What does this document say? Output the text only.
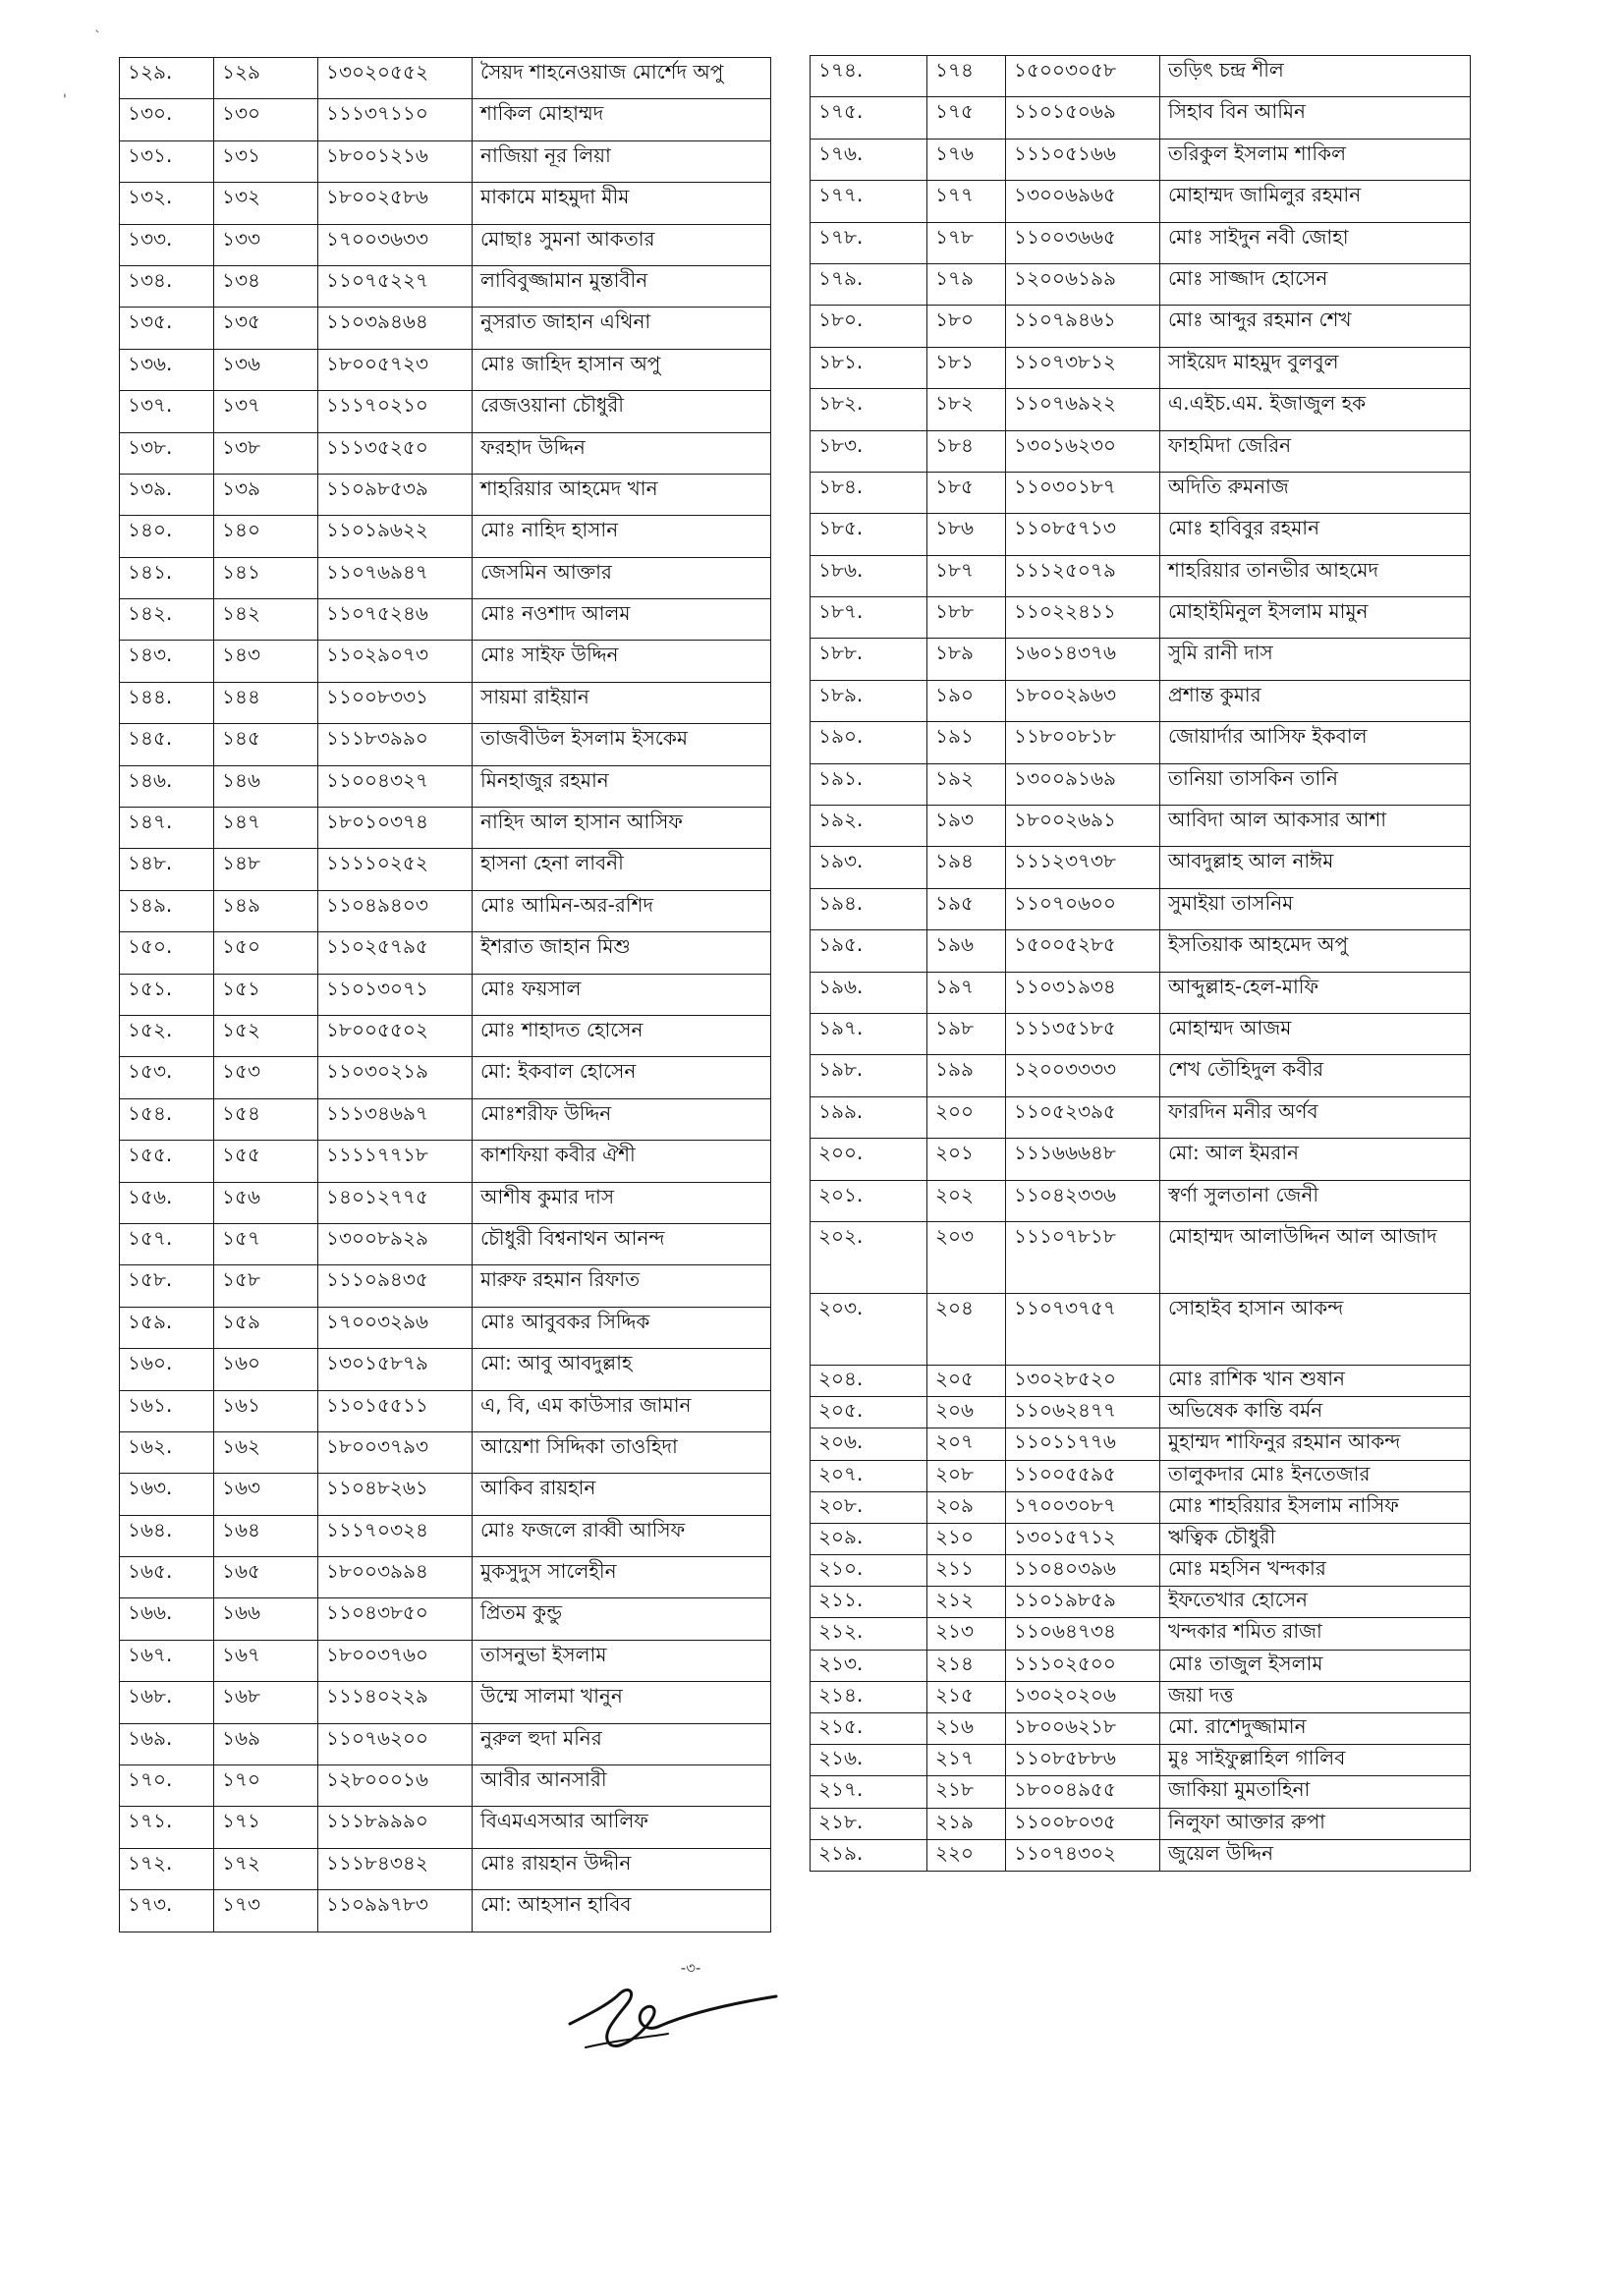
`
'
১২৯.	১২৯	১৩০২০৫৫২	সৈয়দ শাহনেওয়াজ মোর্শেদ অপু
১৩০.	১৩০	১১১৩৭১১০	শাকিল মোহাম্মদ
১৩১.	১৩১	১৮০০১২১৬	নাজিয়া নূর লিয়া
১৩২.	১৩২	১৮০০২৫৮৬	মাকামে মাহমুদা মীম
১৩৩.	১৩৩	১৭০০৩৬৩৩	মোছাঃ সুমনা আকতার
১৩৪.	১৩৪	১১০৭৫২২৭	লাবিবুজ্জামান মুন্তাবীন
১৩৫.	১৩৫	১১০৩৯৪৬৪	নুসরাত জাহান এথিনা
১৩৬.	১৩৬	১৮০০৫৭২৩	মোঃ জাহিদ হাসান অপু
১৩৭.	১৩৭	১১১৭০২১০	রেজওয়ানা চৌধুরী
১৩৮.	১৩৮	১১১৩৫২৫০	ফরহাদ উদ্দিন
১৩৯.	১৩৯	১১০৯৮৫৩৯	শাহরিয়ার আহমেদ খান
১৪০.	১৪০	১১০১৯৬২২	মোঃ নাহিদ হাসান
১৪১.	১৪১	১১০৭৬৯৪৭	জেসমিন আক্তার
১৪২.	১৪২	১১০৭৫২৪৬	মোঃ নওশাদ আলম
১৪৩.	১৪৩	১১০২৯০৭৩	মোঃ সাইফ উদ্দিন
১৪৪.	১৪৪	১১০০৮৩৩১	সায়মা রাইয়ান
১৪৫.	১৪৫	১১১৮৩৯৯০	তাজবীউল ইসলাম ইসকেম
১৪৬.	১৪৬	১১০০৪৩২৭	মিনহাজুর রহমান
১৪৭.	১৪৭	১৮০১০৩৭৪	নাহিদ আল হাসান আসিফ
১৪৮.	১৪৮	১১১১০২৫২	হাসনা হেনা লাবনী
১৪৯.	১৪৯	১১০৪৯৪০৩	মোঃ আমিন-অর-রশিদ
১৫০.	১৫০	১১০২৫৭৯৫	ইশরাত জাহান মিশু
১৫১.	১৫১	১১০১৩০৭১	মোঃ ফয়সাল
১৫২.	১৫২	১৮০০৫৫০২	মোঃ শাহাদত হোসেন
১৫৩.	১৫৩	১১০৩০২১৯	মো: ইকবাল হোসেন
১৫৪.	১৫৪	১১১৩৪৬৯৭	মোঃশরীফ উদ্দিন
১৫৫.	১৫৫	১১১১৭৭১৮	কাশফিয়া কবীর ঐশী
১৫৬.	১৫৬	১৪০১২৭৭৫	আশীষ কুমার দাস
১৫৭.	১৫৭	১৩০০৮৯২৯	চৌধুরী বিশ্বনাথন আনন্দ
১৫৮.	১৫৮	১১১০৯৪৩৫	মারুফ রহমান রিফাত
১৫৯.	১৫৯	১৭০০৩২৯৬	মোঃ আবুবকর সিদ্দিক
১৬০.	১৬০	১৩০১৫৮৭৯	মো: আবু আবদুল্লাহ
১৬১.	১৬১	১১০১৫৫১১	এ, বি, এম কাউসার জামান
১৬২.	১৬২	১৮০০৩৭৯৩	আয়েশা সিদ্দিকা তাওহিদা
১৬৩.	১৬৩	১১০৪৮২৬১	আকিব রায়হান
১৬৪.	১৬৪	১১১৭০৩২৪	মোঃ ফজলে রাব্বী আসিফ
১৬৫.	১৬৫	১৮০০৩৯৯৪	মুকসুদুস সালেহীন
১৬৬.	১৬৬	১১০৪৩৮৫০	প্রিতম কুন্ডু
১৬৭.	১৬৭	১৮০০৩৭৬০	তাসনুভা ইসলাম
১৬৮.	১৬৮	১১১৪০২২৯	উম্মে সালমা খানুন
১৬৯.	১৬৯	১১০৭৬২০০	নুরুল হুদা মনির
১৭০.	১৭০	১২৮০০০১৬	আবীর আনসারী
১৭১.	১৭১	১১১৮৯৯৯০	বিএমএসআর আলিফ
১৭২.	১৭২	১১১৮৪৩৪২	মোঃ রায়হান উদ্দীন
১৭৩.	১৭৩	১১০৯৯৭৮৩	মো: আহসান হাবিব
১৭৪.	১৭৪	১৫০০৩০৫৮	তড়িৎ চন্দ্র শীল
১৭৫.	১৭৫	১১০১৫০৬৯	সিহাব বিন আমিন
১৭৬.	১৭৬	১১১০৫১৬৬	তরিকুল ইসলাম শাকিল
১৭৭.	১৭৭	১৩০০৬৯৬৫	মোহাম্মদ জামিলুর রহমান
১৭৮.	১৭৮	১১০০৩৬৬৫	মোঃ সাইদুন নবী জোহা
১৭৯.	১৭৯	১২০০৬১৯৯	মোঃ সাজ্জাদ হোসেন
১৮০.	১৮০	১১০৭৯৪৬১	মোঃ আব্দুর রহমান শেখ
১৮১.	১৮১	১১০৭৩৮১২	সাইয়েদ মাহমুদ বুলবুল
১৮২.	১৮২	১১০৭৬৯২২	এ.এইচ.এম. ইজাজুল হক
১৮৩.	১৮৪	১৩০১৬২৩০	ফাহমিদা জেরিন
১৮৪.	১৮৫	১১০৩০১৮৭	অদিতি রুমনাজ
১৮৫.	১৮৬	১১০৮৫৭১৩	মোঃ হাবিবুর রহমান
১৮৬.	১৮৭	১১১২৫০৭৯	শাহরিয়ার তানভীর আহমেদ
১৮৭.	১৮৮	১১০২২৪১১	মোহাইমিনুল ইসলাম মামুন
১৮৮.	১৮৯	১৬০১৪৩৭৬	সুমি রানী দাস
১৮৯.	১৯০	১৮০০২৯৬৩	প্রশান্ত কুমার
১৯০.	১৯১	১১৮০০৮১৮	জোয়ার্দার আসিফ ইকবাল
১৯১.	১৯২	১৩০০৯১৬৯	তানিয়া তাসকিন তানি
১৯২.	১৯৩	১৮০০২৬৯১	আবিদা আল আকসার আশা
১৯৩.	১৯৪	১১১২৩৭৩৮	আবদুল্লাহ আল নাঈম
১৯৪.	১৯৫	১১০৭০৬০০	সুমাইয়া তাসনিম
১৯৫.	১৯৬	১৫০০৫২৮৫	ইসতিয়াক আহমেদ অপু
১৯৬.	১৯৭	১১০৩১৯৩৪	আব্দুল্লাহ-হেল-মাফি
১৯৭.	১৯৮	১১১৩৫১৮৫	মোহাম্মদ আজম
১৯৮.	১৯৯	১২০০৩৩৩৩	শেখ তৌহিদুল কবীর
১৯৯.	২০০	১১০৫২৩৯৫	ফারদিন মনীর অর্ণব
২০০.	২০১	১১১৬৬৬৪৮	মো: আল ইমরান
২০১.	২০২	১১০৪২৩৩৬	স্বর্ণা সুলতানা জেনী
২০২.	২০৩	১১১০৭৮১৮	মোহাম্মদ আলাউদ্দিন আল আজাদ
২০৩.	২০৪	১১০৭৩৭৫৭	সোহাইব হাসান আকন্দ
২০৪.	২০৫	১৩০২৮৫২০	মোঃ রাশিক খান শুষান
২০৫.	২০৬	১১০৬২৪৭৭	অভিষেক কান্তি বর্মন
২০৬.	২০৭	১১০১১৭৭৬	মুহাম্মদ শাফিনুর রহমান আকন্দ
২০৭.	২০৮	১১০০৫৫৯৫	তালুকদার মোঃ ইনতেজার
২০৮.	২০৯	১৭০০৩০৮৭	মোঃ শাহরিয়ার ইসলাম নাসিফ
২০৯.	২১০	১৩০১৫৭১২	ঋত্বিক চৌধুরী
২১০.	২১১	১১০৪০৩৯৬	মোঃ মহসিন খন্দকার
২১১.	২১২	১১০১৯৮৫৯	ইফতেখার হোসেন
২১২.	২১৩	১১০৬৪৭৩৪	খন্দকার শমিত রাজা
২১৩.	২১৪	১১১০২৫০০	মোঃ তাজুল ইসলাম
২১৪.	২১৫	১৩০২০২০৬	জয়া দত্ত
২১৫.	২১৬	১৮০০৬২১৮	মো. রাশেদুজ্জামান
২১৬.	২১৭	১১০৮৫৮৮৬	মুঃ সাইফুল্লাহিল গালিব
২১৭.	২১৮	১৮০০৪৯৫৫	জাকিয়া মুমতাহিনা
২১৮.	২১৯	১১০০৮০৩৫	নিলুফা আক্তার রুপা
২১৯.	২২০	১১০৭৪৩০২	জুয়েল উদ্দিন
-৩-
